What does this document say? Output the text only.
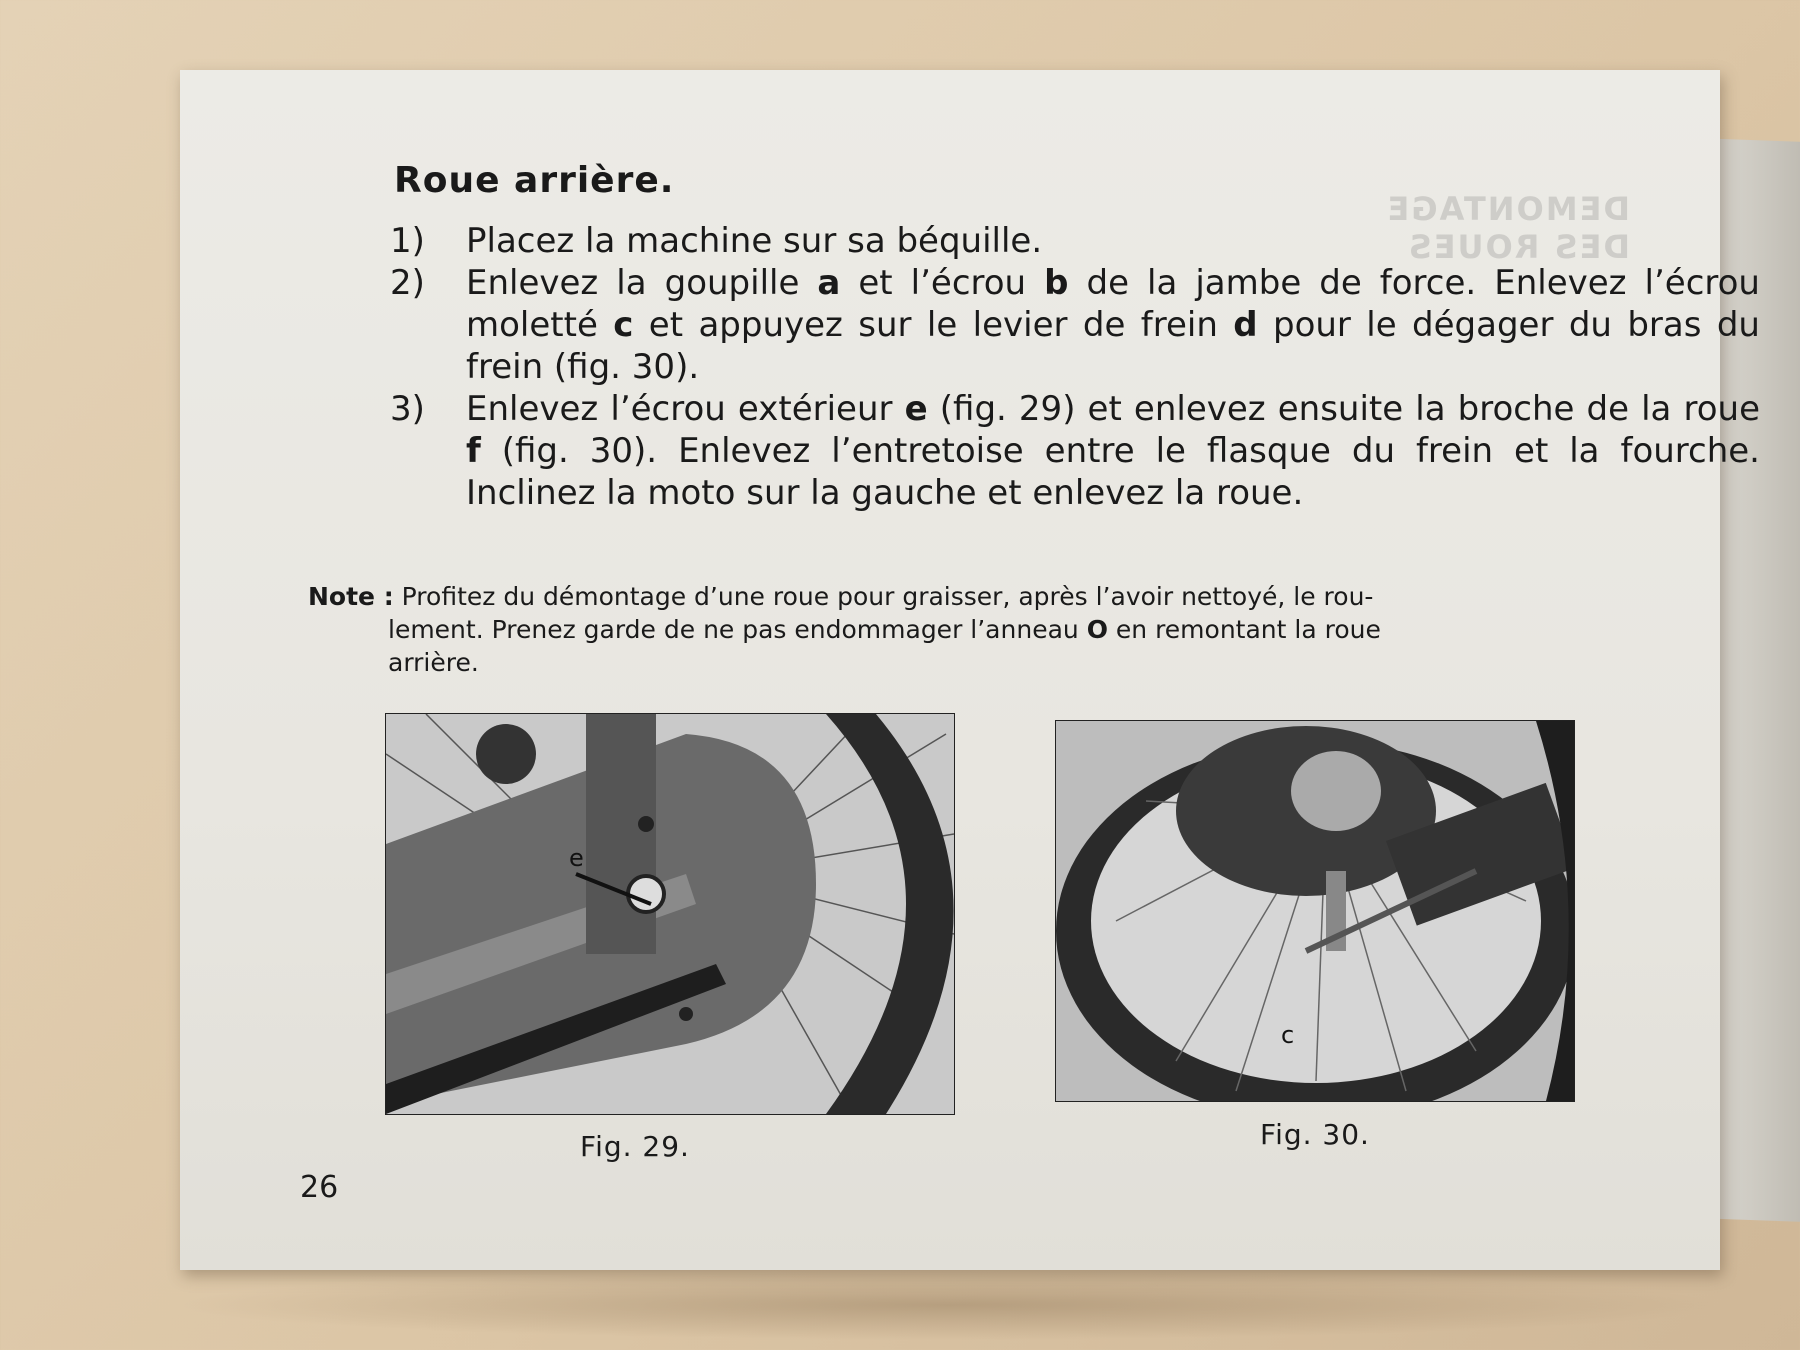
DEMONTAGE DES ROUES
Roue arrière.
1) Placez la machine sur sa béquille.
2) Enlevez la goupille a et l’écrou b de la jambe de force. Enlevez l’écrou moletté c et appuyez sur le levier de frein d pour le dégager du bras du frein (fig. 30).
3) Enlevez l’écrou extérieur e (fig. 29) et enlevez ensuite la broche de la roue f (fig. 30). Enlevez l’entretoise entre le flasque du frein et la fourche. Inclinez la moto sur la gauche et enlevez la roue.

Note : Profitez du démontage d’une roue pour graisser, après l’avoir nettoyé, le rou-
lement. Prenez garde de ne pas endommager l’anneau O en remontant la roue
arrière.

e
Fig. 29.
c
Fig. 30.
26
